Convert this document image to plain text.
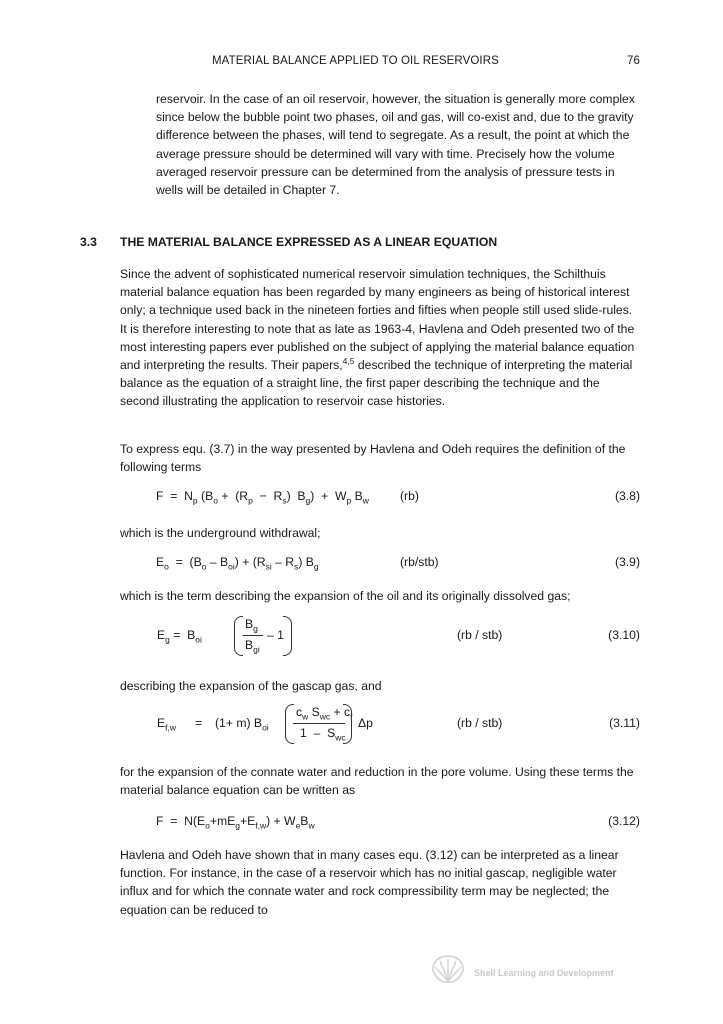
MATERIAL BALANCE APPLIED TO OIL RESERVOIRS	76

reservoir. In the case of an oil reservoir, however, the situation is generally more complex since below the bubble point two phases, oil and gas, will co-exist and, due to the gravity difference between the phases, will tend to segregate. As a result, the point at which the average pressure should be determined will vary with time. Precisely how the volume averaged reservoir pressure can be determined from the analysis of pressure tests in wells will be detailed in Chapter 7.

3.3 THE MATERIAL BALANCE EXPRESSED AS A LINEAR EQUATION

Since the advent of sophisticated numerical reservoir simulation techniques, the Schilthuis material balance equation has been regarded by many engineers as being of historical interest only; a technique used back in the nineteen forties and fifties when people still used slide-rules. It is therefore interesting to note that as late as 1963-4, Havlena and Odeh presented two of the most interesting papers ever published on the subject of applying the material balance equation and interpreting the results. Their papers,$^{4,5}$ described the technique of interpreting the material balance as the equation of a straight line, the first paper describing the technique and the second illustrating the application to reservoir case histories.

To express equ. (3.7) in the way presented by Havlena and Odeh requires the definition of the following terms

$F = N_p$ $(B_o + (R_p - R_s) B_g) + W_p$ $B_w$	(rb)	(3.8)

which is the underground withdrawal;

$E_o = (B_o - B_{oi}) + (R_{si} - R_s)$ $B_g$	(rb/stb)	(3.9)

which is the term describing the expansion of the oil and its originally dissolved gas;

$E_g = B_{oi}$
$B_g$
$B_{gi}$
– 1	(rb / stb)	(3.10)

describing the expansion of the gascap gas, and

$E_{f,w} = (1+ m)$ $B_{oi}$
$c_w$ $S_{wc} + c_f$
$1 - S_{wc}$
Δp	(rb / stb)	(3.11)

for the expansion of the connate water and reduction in the pore volume. Using these terms the material balance equation can be written as

$F = N(E_o+mE_g+E_{f,w}) + W_eB_w$	(3.12)

Havlena and Odeh have shown that in many cases equ. (3.12) can be interpreted as a linear function. For instance, in the case of a reservoir which has no initial gascap, negligible water influx and for which the connate water and rock compressibility term may be neglected; the equation can be reduced to

Shell Learning and Development
